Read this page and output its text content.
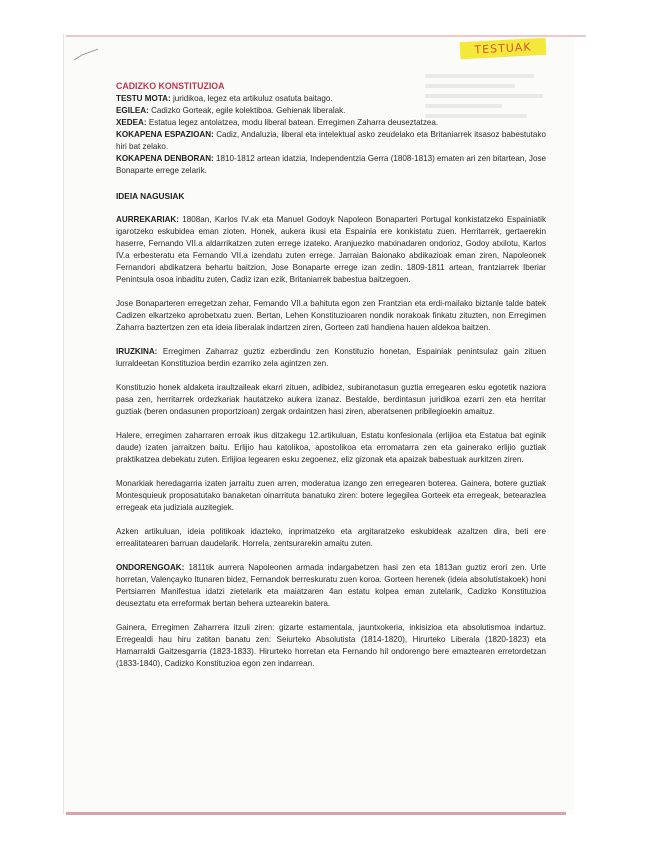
TESTUAK
CADIZKO KONSTITUZIOA

TESTU MOTA: juridikoa, legez eta artikuluz osatuta baitago.

EGILEA: Cadizko Gorteak, egile kolektiboa. Gehienak liberalak.

XEDEA: Estatua legez antolatzea, modu liberal batean. Erregimen Zaharra deuseztatzea.

KOKAPENA ESPAZIOAN: Cadiz, Andaluzia, liberal eta intelektual asko zeudelako eta Britaniarrek itsasoz babestutako hiri bat zelako.

KOKAPENA DENBORAN: 1810-1812 artean idatzia, Independentzia Gerra (1808-1813) ematen ari zen bitartean, Jose Bonaparte errege zelarik.

IDEIA NAGUSIAK

AURREKARIAK: 1808an, Karlos IV.ak eta Manuel Godoyk Napoleon Bonaparteri Portugal konkistatzeko Espainiatik igarotzeko eskubidea eman zioten. Honek, aukera ikusi eta Espainia ere konkistatu zuen. Herritarrek, gertaerekin haserre, Fernando VII.a aldarrikatzen zuten errege izateko. Aranjuezko matxinadaren ondorioz, Godoy atxilotu, Karlos IV.a erbesteratu eta Fernando VII.a izendatu zuten errege. Jarraian Baionako abdikazioak eman ziren, Napoleonek Fernandori abdikatzera behartu baitzion, Jose Bonaparte errege izan zedin. 1809-1811 artean, frantziarrek Iberiar Penintsula osoa inbaditu zuten, Cadiz izan ezik, Britaniarrek babestua baitzegoen.

Jose Bonaparteren erregetzan zehar, Fernando VII.a bahituta egon zen Frantzian eta erdi-mailako biztanle talde batek Cadizen elkartzeko aprobetxatu zuen. Bertan, Lehen Konstituzioaren nondik norakoak finkatu zituzten, non Erregimen Zaharra baztertzen zen eta ideia liberalak indartzen ziren, Gorteen zati handiena hauen aldekoa baitzen.

IRUZKINA: Erregimen Zaharraz guztiz ezberdindu zen Konstituzio honetan, Espainiak penintsulaz gain zituen lurraldeetan Konstituzioa berdin ezarriko zela agintzen zen.

Konstituzio honek aldaketa iraultzaileak ekarri zituen, adibidez, subiranotasun guztia erregearen esku egotetik naziora pasa zen, herritarrek ordezkariak hautatzeko aukera izanaz. Bestalde, berdintasun juridikoa ezarri zen eta herritar guztiak (beren ondasunen proportzioan) zergak ordaintzen hasi ziren, aberatsenen pribilegioekin amaituz.

Halere, erregimen zaharraren erroak ikus ditzakegu 12.artikuluan, Estatu konfesionala (erlijioa eta Estatua bat eginik daude) izaten jarraitzen baitu. Erlijio hau katolikoa, apostolikoa eta erromatarra zen eta gainerako erlijio guztiak praktikatzea debekatu zuten. Erlijioa legearen esku zegoenez, eliz gizonak eta apaizak babestuak aurkitzen ziren.

Monarkiak heredagarria izaten jarraitu zuen arren, moderatua izango zen erregearen boterea. Gainera, botere guztiak Montesquieuk proposatutako banaketan oinarrituta banatuko ziren: botere legegilea Gorteek eta erregeak, betearazlea erregeak eta judiziala auzitegiek.

Azken artikuluan, ideia politikoak idazteko, inprimatzeko eta argitaratzeko eskubideak azaltzen dira, beti ere errealitatearen barruan daudelarik. Horrela, zentsurarekin amaitu zuten.

ONDORENGOAK: 1811tik aurrera Napoleonen armada indargabetzen hasi zen eta 1813an guztiz erori zen. Urte horretan, Valençayko Itunaren bidez, Fernandok berreskuratu zuen koroa. Gorteen herenek (ideia absolutistakoek) honi Pertsiarren Manifestua idatzi zietelarik eta maiatzaren 4an estatu kolpea eman zutelarik, Cadizko Konstituzioa deuseztatu eta erreformak bertan behera uztearekin batera.

Gainera, Erregimen Zaharrera itzuli ziren: gizarte estamentala, jauntxokeria, inkisizioa eta absolutismoa indartuz. Erregealdi hau hiru zatitan banatu zen: Seiurteko Absolutista (1814-1820), Hirurteko Liberala (1820-1823) eta Hamarraldi Gaitzesgarria (1823-1833). Hirurteko horretan eta Fernando hil ondorengo bere emaztearen erretordetzan (1833-1840), Cadizko Konstituzioa egon zen indarrean.
